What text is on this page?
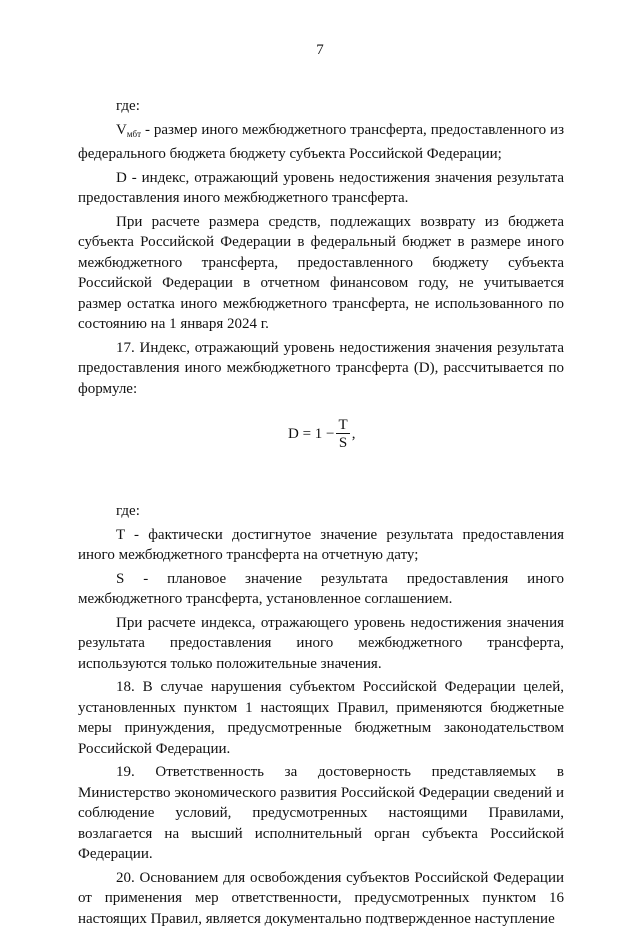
7

где:

$V_{мбт}$ - размер иного межбюджетного трансферта, предоставленного из федерального бюджета бюджету субъекта Российской Федерации;

D - индекс, отражающий уровень недостижения значения результата предоставления иного межбюджетного трансферта.

При расчете размера средств, подлежащих возврату из бюджета субъекта Российской Федерации в федеральный бюджет в размере иного межбюджетного трансферта, предоставленного бюджету субъекта Российской Федерации в отчетном финансовом году, не учитывается размер остатка иного межбюджетного трансферта, не использованного по состоянию на 1 января 2024 г.

17. Индекс, отражающий уровень недостижения значения результата предоставления иного межбюджетного трансферта (D), рассчитывается по формуле:

$D = 1 - \frac{T}{S}$ ,

где:

T - фактически достигнутое значение результата предоставления иного межбюджетного трансферта на отчетную дату;

S - плановое значение результата предоставления иного межбюджетного трансферта, установленное соглашением.

При расчете индекса, отражающего уровень недостижения значения результата предоставления иного межбюджетного трансферта, используются только положительные значения.

18. В случае нарушения субъектом Российской Федерации целей, установленных пунктом 1 настоящих Правил, применяются бюджетные меры принуждения, предусмотренные бюджетным законодательством Российской Федерации.

19. Ответственность за достоверность представляемых в Министерство экономического развития Российской Федерации сведений и соблюдение условий, предусмотренных настоящими Правилами, возлагается на высший исполнительный орган субъекта Российской Федерации.

20. Основанием для освобождения субъектов Российской Федерации от применения мер ответственности, предусмотренных пунктом 16 настоящих Правил, является документально подтвержденное наступление
